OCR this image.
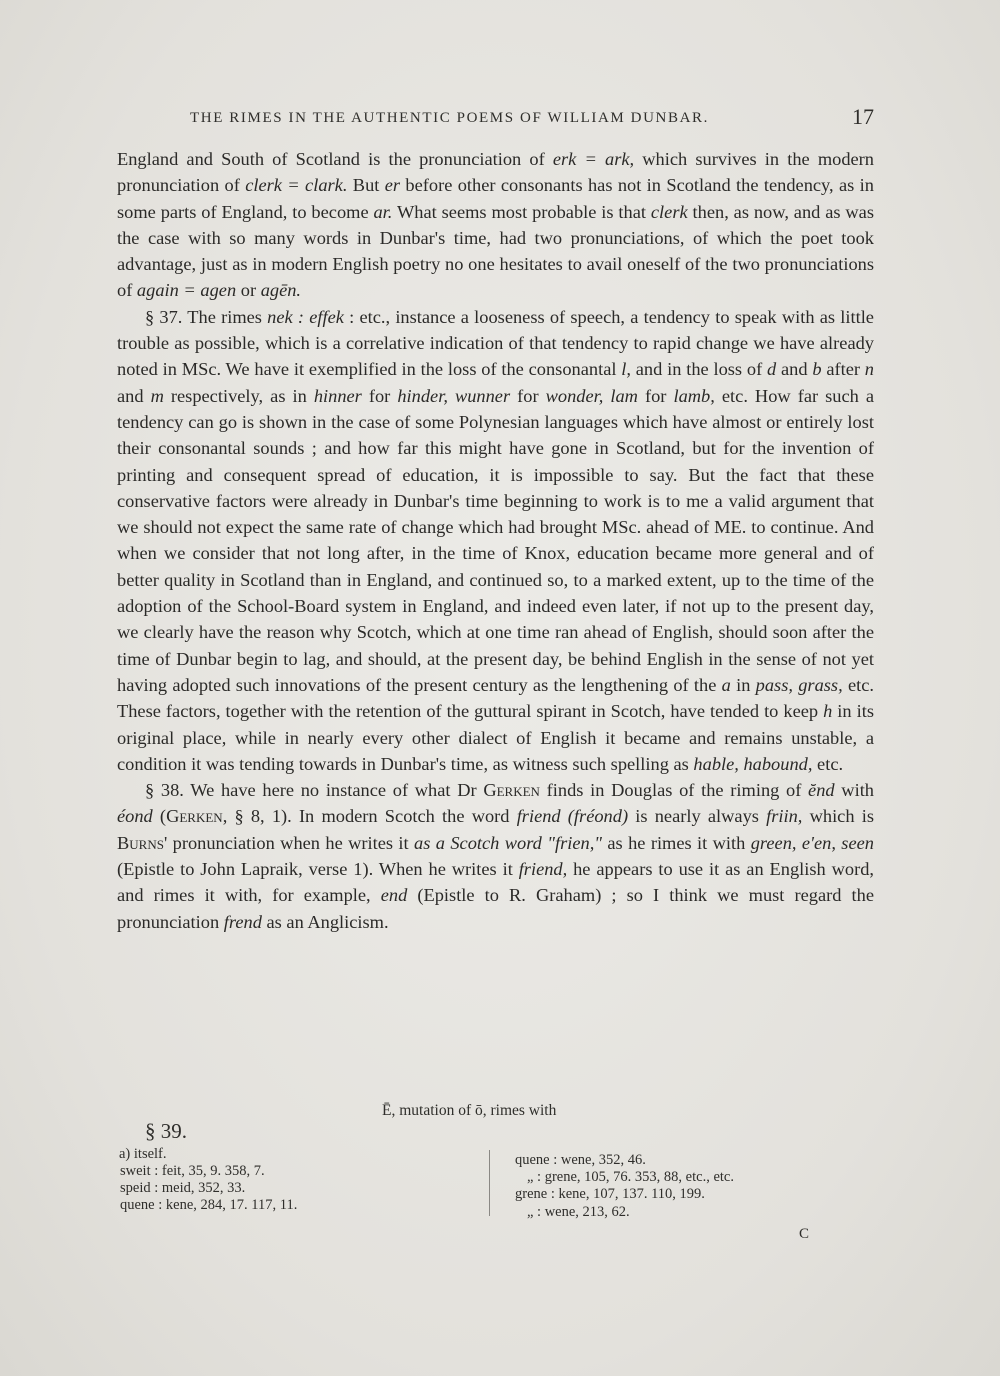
THE RIMES IN THE AUTHENTIC POEMS OF WILLIAM DUNBAR.	17

England and South of Scotland is the pronunciation of erk = ark, which survives in the modern pronunciation of clerk = clark. But er before other consonants has not in Scotland the tendency, as in some parts of England, to become ar. What seems most probable is that clerk then, as now, and as was the case with so many words in Dunbar's time, had two pronunciations, of which the poet took advantage, just as in modern English poetry no one hesitates to avail oneself of the two pronunciations of again = agen or agēn.

§ 37. The rimes nek : effek : etc., instance a looseness of speech, a tendency to speak with as little trouble as possible, which is a correlative indication of that tendency to rapid change we have already noted in MSc. We have it exemplified in the loss of the consonantal l, and in the loss of d and b after n and m respectively, as in hinner for hinder, wunner for wonder, lam for lamb, etc. How far such a tendency can go is shown in the case of some Polynesian languages which have almost or entirely lost their consonantal sounds ; and how far this might have gone in Scotland, but for the invention of printing and consequent spread of education, it is impossible to say. But the fact that these conservative factors were already in Dunbar's time beginning to work is to me a valid argument that we should not expect the same rate of change which had brought MSc. ahead of ME. to continue. And when we consider that not long after, in the time of Knox, education became more general and of better quality in Scotland than in England, and continued so, to a marked extent, up to the time of the adoption of the School-Board system in England, and indeed even later, if not up to the present day, we clearly have the reason why Scotch, which at one time ran ahead of English, should soon after the time of Dunbar begin to lag, and should, at the present day, be behind English in the sense of not yet having adopted such innovations of the present century as the lengthening of the a in pass, grass, etc. These factors, together with the retention of the guttural spirant in Scotch, have tended to keep h in its original place, while in nearly every other dialect of English it became and remains unstable, a condition it was tending towards in Dunbar's time, as witness such spelling as hable, habound, etc.

§ 38. We have here no instance of what Dr Gerken finds in Douglas of the riming of ĕnd with éond (Gerken, § 8, 1). In modern Scotch the word friend (fréond) is nearly always friin, which is Burns' pronunciation when he writes it as a Scotch word "frien," as he rimes it with green, e'en, seen (Epistle to John Lapraik, verse 1). When he writes it friend, he appears to use it as an English word, and rimes it with, for example, end (Epistle to R. Graham) ; so I think we must regard the pronunciation frend as an Anglicism.

Ē, mutation of ō, rimes with
§ 39.
a) itself.
sweit : feit, 35, 9. 358, 7.
speid : meid, 352, 33.
quene : kene, 284, 17. 117, 11.
quene : wene, 352, 46.
„ : grene, 105, 76. 353, 88, etc., etc.
grene : kene, 107, 137. 110, 199.
„ : wene, 213, 62.
C
